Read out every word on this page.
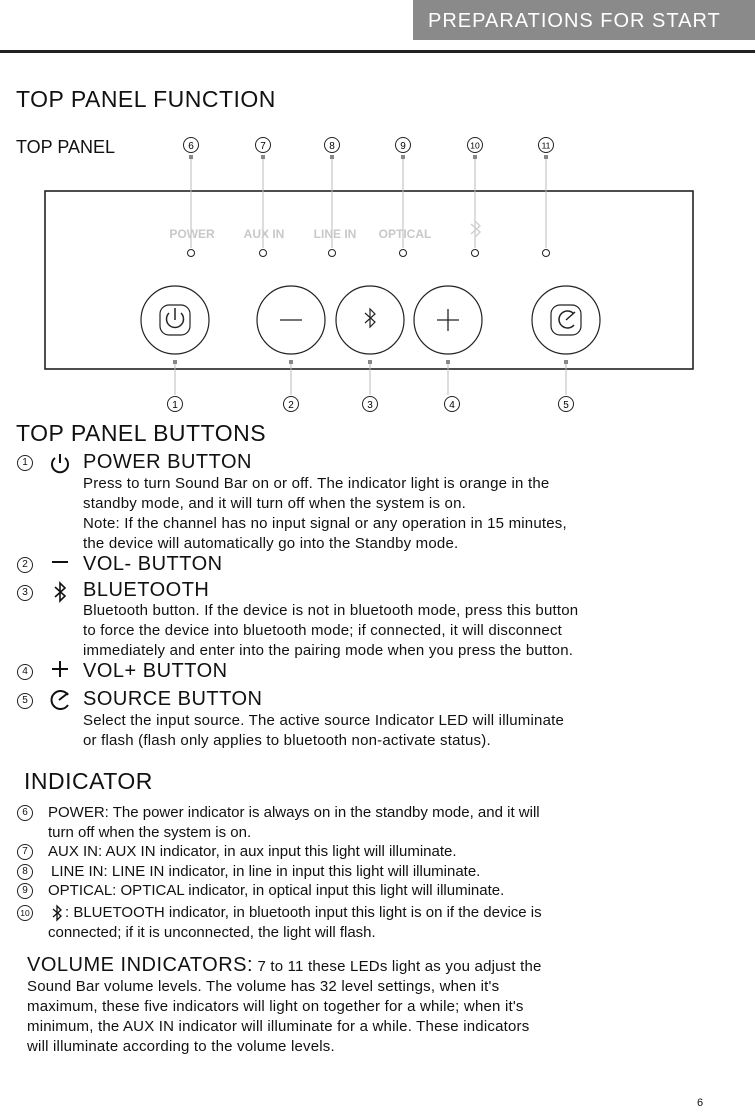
PREPARATIONS FOR START
TOP PANEL FUNCTION
TOP PANEL	6	7	8	9	10	11
POWER AUX IN LINE IN OPTICAL
1	2	3	4	5
TOP PANEL BUTTONS
1	POWER BUTTON
Press to turn Sound Bar on or off. The indicator light is orange in the
standby mode, and it will turn off when the system is on.
Note: If the channel has no input signal or any operation in 15 minutes,
the device will automatically go into the Standby mode.
2	VOL- BUTTON
3	BLUETOOTH
Bluetooth button. If the device is not in bluetooth mode, press this button
to force the device into bluetooth mode; if connected, it will disconnect
immediately and enter into the pairing mode when you press the button.
4	VOL+ BUTTON
5	SOURCE BUTTON
Select the input source. The active source Indicator LED will illuminate
or flash (flash only applies to bluetooth non-activate status).
INDICATOR
6	POWER: The power indicator is always on in the standby mode, and it will
turn off when the system is on.
7	AUX IN: AUX IN indicator, in aux input this light will illuminate.
8	LINE IN: LINE IN indicator, in line in input this light will illuminate.
9	OPTICAL: OPTICAL indicator, in optical input this light will illuminate.
10	: BLUETOOTH indicator, in bluetooth input this light is on if the device is
connected; if it is unconnected, the light will flash.
VOLUME INDICATORS: 7 to 11 these LEDs light as you adjust the
Sound Bar volume levels. The volume has 32 level settings, when it's
maximum, these five indicators will light on together for a while; when it's
minimum, the AUX IN indicator will illuminate for a while. These indicators
will illuminate according to the volume levels.
6
